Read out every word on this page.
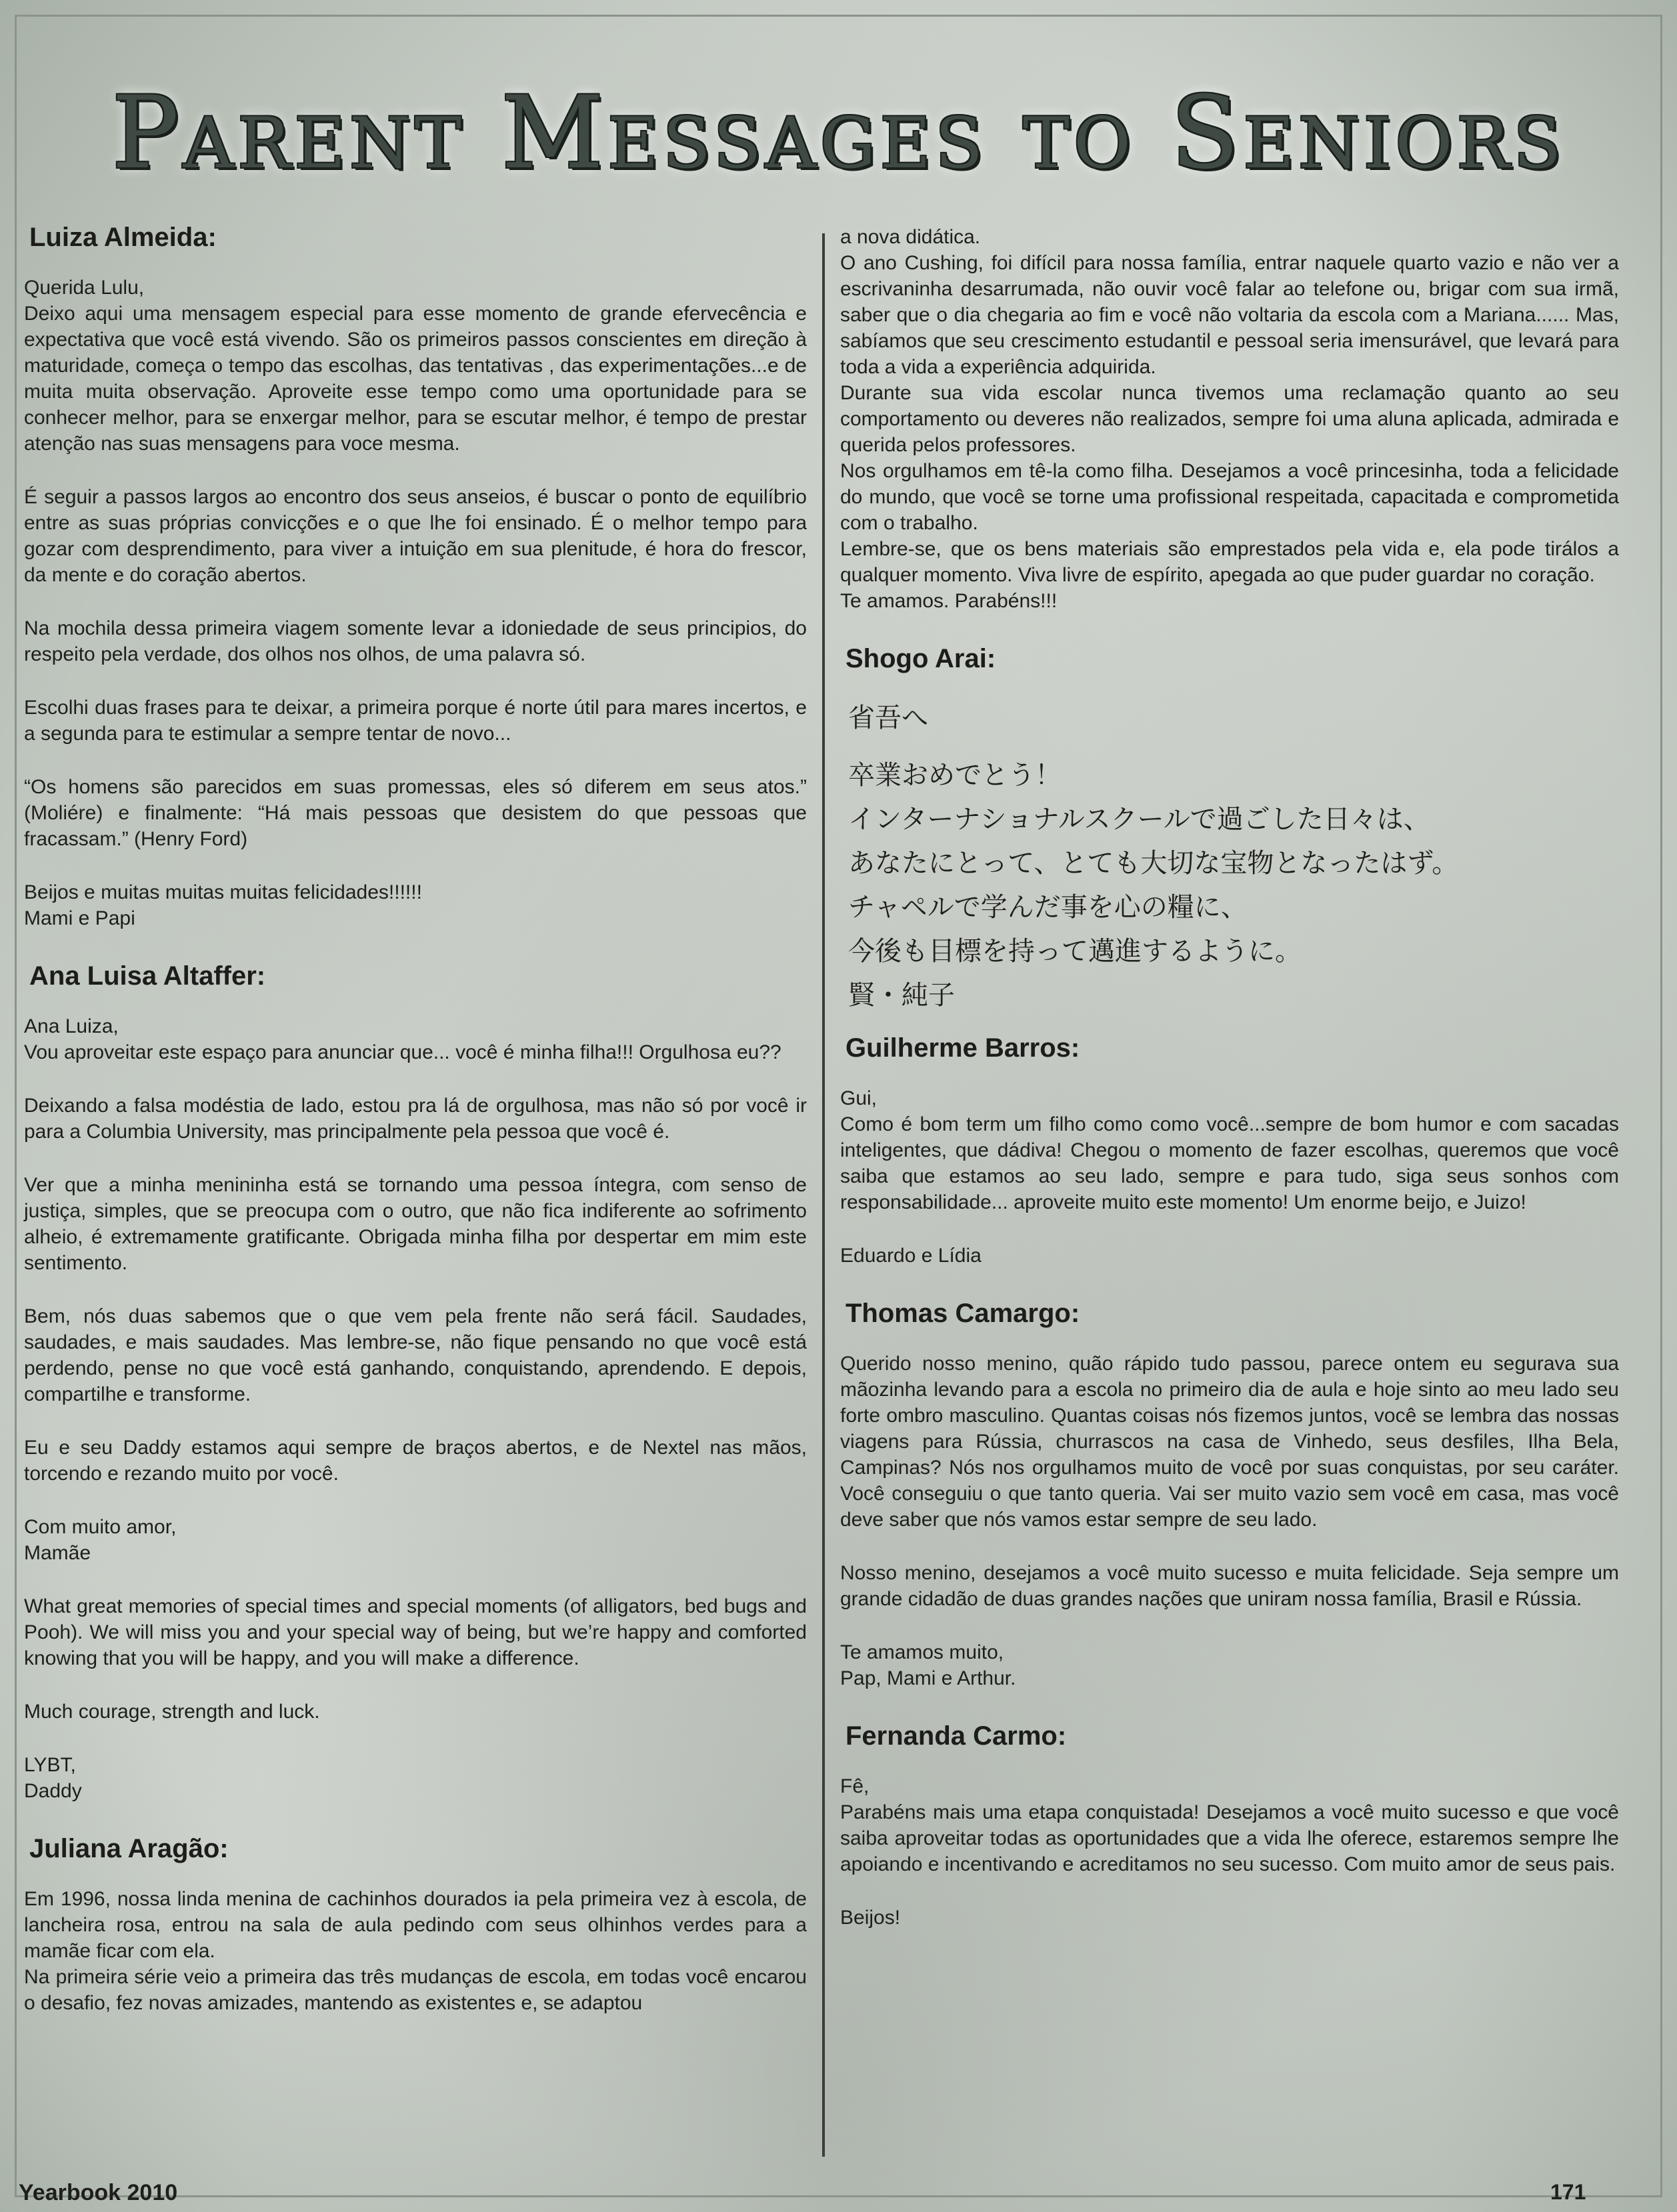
Parent Messages to Seniors
Luiza Almeida:
Querida Lulu,
Deixo aqui uma mensagem especial para esse momento de grande efervecência e expectativa que você está vivendo. São os primeiros passos conscientes em direção à maturidade, começa o tempo das escolhas, das tentativas , das experimentações...e de muita muita observação. Aproveite esse tempo como uma oportunidade para se conhecer melhor, para se enxergar melhor, para se escutar melhor, é tempo de prestar atenção nas suas mensagens para voce mesma.
É seguir a passos largos ao encontro dos seus anseios, é buscar o ponto de equilíbrio entre as suas próprias convicções e o que lhe foi ensinado. É o melhor tempo para gozar com desprendimento, para viver a intuição em sua plenitude, é hora do frescor, da mente e do coração abertos.
Na mochila dessa primeira viagem somente levar a idoniedade de seus principios, do respeito pela verdade, dos olhos nos olhos, de uma palavra só.
Escolhi duas frases para te deixar, a primeira porque é norte útil para mares incertos, e a segunda para te estimular a sempre tentar de novo...
“Os homens são parecidos em suas promessas, eles só diferem em seus atos.” (Moliére) e finalmente: “Há mais pessoas que desistem do que pessoas que fracassam.” (Henry Ford)
Beijos e muitas muitas muitas felicidades!!!!!!
Mami e Papi
Ana Luisa Altaffer:
Ana Luiza,
Vou aproveitar este espaço para anunciar que... você é minha filha!!! Orgulhosa eu??
Deixando a falsa modéstia de lado, estou pra lá de orgulhosa, mas não só por você ir para a Columbia University, mas principalmente pela pessoa que você é.
Ver que a minha menininha está se tornando uma pessoa íntegra, com senso de justiça, simples, que se preocupa com o outro, que não fica indiferente ao sofrimento alheio, é extremamente gratificante. Obrigada minha filha por despertar em mim este sentimento.
Bem, nós duas sabemos que o que vem pela frente não será fácil. Saudades, saudades, e mais saudades. Mas lembre-se, não fique pensando no que você está perdendo, pense no que você está ganhando, conquistando, aprendendo. E depois, compartilhe e transforme.
Eu e seu Daddy estamos aqui sempre de braços abertos, e de Nextel nas mãos, torcendo e rezando muito por você.
Com muito amor,
Mamãe
What great memories of special times and special moments (of alligators, bed bugs and Pooh). We will miss you and your special way of being, but we’re happy and comforted knowing that you will be happy, and you will make a difference.
Much courage, strength and luck.
LYBT,
Daddy
Juliana Aragão:
Em 1996, nossa linda menina de cachinhos dourados ia pela primeira vez à escola, de lancheira rosa, entrou na sala de aula pedindo com seus olhinhos verdes para a mamãe ficar com ela.
Na primeira série veio a primeira das três mudanças de escola, em todas você encarou o desafio, fez novas amizades, mantendo as existentes e, se adaptou
a nova didática.
O ano Cushing, foi difícil para nossa família, entrar naquele quarto vazio e não ver a escrivaninha desarrumada, não ouvir você falar ao telefone ou, brigar com sua irmã, saber que o dia chegaria ao fim e você não voltaria da escola com a Mariana...... Mas, sabíamos que seu crescimento estudantil e pessoal seria imensurável, que levará para toda a vida a experiência adquirida.
Durante sua vida escolar nunca tivemos uma reclamação quanto ao seu comportamento ou deveres não realizados, sempre foi uma aluna aplicada, admirada e querida pelos professores.
Nos orgulhamos em tê-la como filha. Desejamos a você princesinha, toda a felicidade do mundo, que você se torne uma profissional respeitada, capacitada e comprometida com o trabalho.
Lembre-se, que os bens materiais são emprestados pela vida e, ela pode tirálos a qualquer momento. Viva livre de espírito, apegada ao que puder guardar no coração.
Te amamos. Parabéns!!!
Shogo Arai:
省吾へ
卒業おめでとう！
インターナショナルスクールで過ごした日々は、
あなたにとって、とても大切な宝物となったはず。
チャペルで学んだ事を心の糧に、
今後も目標を持って邁進するように。
賢・純子
Guilherme Barros:
Gui,
Como é bom term um filho como como você...sempre de bom humor e com sacadas inteligentes, que dádiva! Chegou o momento de fazer escolhas, queremos que você saiba que estamos ao seu lado, sempre e para tudo, siga seus sonhos com responsabilidade... aproveite muito este momento! Um enorme beijo, e Juizo!
Eduardo e Lídia
Thomas Camargo:
Querido nosso menino, quão rápido tudo passou, parece ontem eu segurava sua mãozinha levando para a escola no primeiro dia de aula e hoje sinto ao meu lado seu forte ombro masculino. Quantas coisas nós fizemos juntos, você se lembra das nossas viagens para Rússia, churrascos na casa de Vinhedo, seus desfiles, Ilha Bela, Campinas? Nós nos orgulhamos muito de você por suas conquistas, por seu caráter. Você conseguiu o que tanto queria. Vai ser muito vazio sem você em casa, mas você deve saber que nós vamos estar sempre de seu lado.
Nosso menino, desejamos a você muito sucesso e muita felicidade. Seja sempre um grande cidadão de duas grandes nações que uniram nossa família, Brasil e Rússia.
Te amamos muito,
Pap, Mami e Arthur.
Fernanda Carmo:
Fê,
Parabéns mais uma etapa conquistada! Desejamos a você muito sucesso e que você saiba aproveitar todas as oportunidades que a vida lhe oferece, estaremos sempre lhe apoiando e incentivando e acreditamos no seu sucesso. Com muito amor de seus pais.
Beijos!
Yearbook 2010	171
